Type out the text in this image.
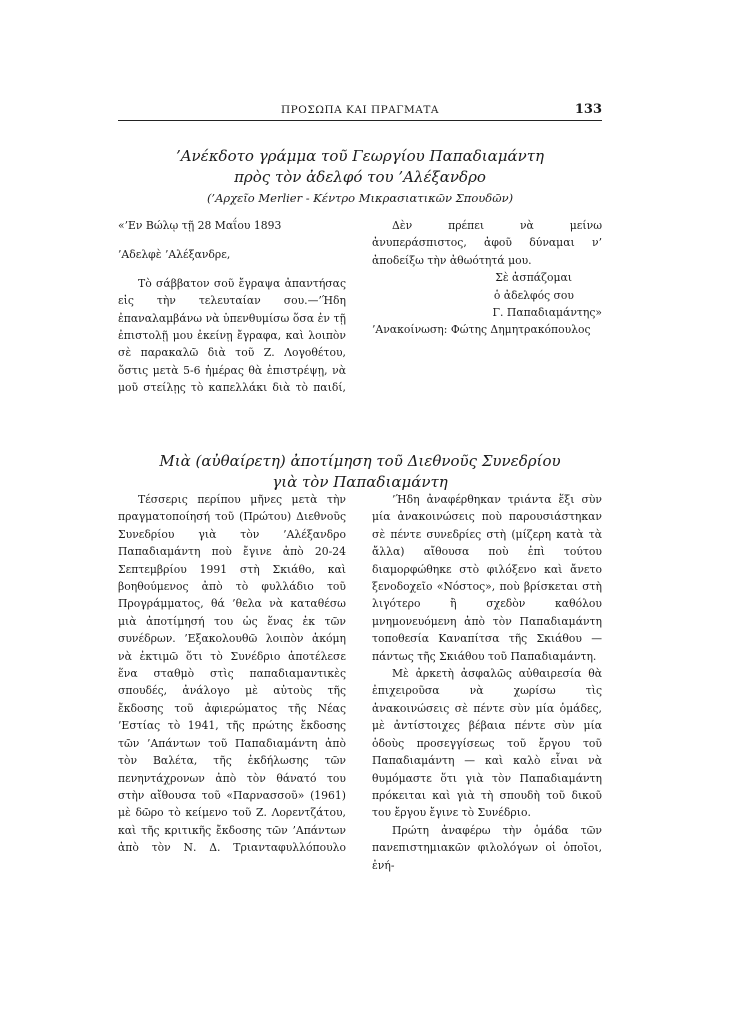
ΠΡΟΣΩΠΑ ΚΑΙ ΠΡΑΓΜΑΤΑ	133
’Ανέκδοτο γράμμα τοῦ Γεωργίου Παπαδιαμάντη
πρὸς τὸν ἀδελφό του ’Αλέξανδρο
(’Αρχεῖο Merlier - Κέντρο Μικρασιατικῶν Σπουδῶν)

«’Εν Βώλῳ τῇ 28 Μαΐου 1893

’Αδελφὲ ’Αλέξανδρε,

Τὸ σάββατον σοῦ ἔγραψα ἀπαντήσας εἰς τὴν τελευταίαν σου.—’Ήδη ἐπαναλαμβάνω νὰ ὑπενθυμίσω ὅσα ἐν τῇ ἐπιστολῇ μου ἐκείνῃ ἔγραφα, καὶ λοιπὸν σὲ παρακαλῶ διὰ τοῦ Ζ. Λογοθέτου, ὅστις μετὰ 5-6 ἡμέρας θὰ ἐπιστρέψῃ, νὰ μοῦ στείλῃς τὸ καπελλάκι διὰ τὸ παιδί,

Δὲν πρέπει νὰ μείνω ἀνυπεράσπιστος, ἀφοῦ δύναμαι ν’ ἀποδείξω τὴν ἀθωότητά μου.

Σὲ ἀσπάζομαι
ὁ ἀδελφός σου
Γ. Παπαδιαμάντης»

’Ανακοίνωση: Φώτης Δημητρακόπουλος

Μιὰ (αὐθαίρετη) ἀποτίμηση τοῦ Διεθνοῦς Συνεδρίου
γιὰ τὸν Παπαδιαμάντη

Τέσσερις περίπου μῆνες μετὰ τὴν πραγματοποίησή τοῦ (Πρώτου) Διεθνοῦς Συνεδρίου γιὰ τὸν ’Αλέξανδρο Παπαδιαμάντη ποὺ ἔγινε ἀπὸ 20-24 Σεπτεμβρίου 1991 στὴ Σκιάθο, καὶ βοηθούμενος ἀπὸ τὸ φυλλάδιο τοῦ Προγράμματος, θά ’θελα νὰ καταθέσω μιὰ ἀποτίμησή του ὡς ἕνας ἐκ τῶν συνέδρων. ’Εξακολουθῶ λοιπὸν ἀκόμη νὰ ἐκτιμῶ ὅτι τὸ Συνέδριο ἀποτέλεσε ἕνα σταθμὸ στὶς παπαδιαμαντικὲς σπουδές, ἀνάλογο μὲ αὐτοὺς τῆς ἔκδοσης τοῦ ἀφιερώματος τῆς Νέας ’Εστίας τὸ 1941, τῆς πρώτης ἔκδοσης τῶν ’Απάντων τοῦ Παπαδιαμάντη ἀπὸ τὸν Βαλέτα, τῆς ἐκδήλωσης τῶν πενηντάχρονων ἀπὸ τὸν θάνατό του στὴν αἴθουσα τοῦ «Παρνασσοῦ» (1961) μὲ δῶρο τὸ κείμενο τοῦ Ζ. Λορεντζάτου, καὶ τῆς κριτικῆς ἔκδοσης τῶν ’Απάντων ἀπὸ τὸν Ν. Δ. Τριανταφυλλόπουλο

’Ήδη ἀναφέρθηκαν τριάντα ἕξι σὺν μία ἀνακοινώσεις ποὺ παρουσιάστηκαν σὲ πέντε συνεδρίες στὴ (μίζερη κατὰ τὰ ἄλλα) αἴθουσα ποὺ ἐπὶ τούτου διαμορφώθηκε στὸ φιλόξενο καὶ ἄνετο ξενοδοχεῖο «Νόστος», ποὺ βρίσκεται στὴ λιγότερο ἢ σχεδὸν καθόλου μνημονευόμενη ἀπὸ τὸν Παπαδιαμάντη τοποθεσία Καναπίτσα τῆς Σκιάθου — πάντως τῆς Σκιάθου τοῦ Παπαδιαμάντη.

Μὲ ἀρκετὴ ἀσφαλῶς αὐθαιρεσία θὰ ἐπιχειροῦσα νὰ χωρίσω τὶς ἀνακοινώσεις σὲ πέντε σὺν μία ὁμάδες, μὲ ἀντίστοιχες βέβαια πέντε σὺν μία ὁδοὺς προσεγγίσεως τοῦ ἔργου τοῦ Παπαδιαμάντη — καὶ καλὸ εἶναι νὰ θυμόμαστε ὅτι γιὰ τὸν Παπαδιαμάντη πρόκειται καὶ γιὰ τὴ σπουδὴ τοῦ δικοῦ του ἔργου ἔγινε τὸ Συνέδριο.

Πρώτη ἀναφέρω τὴν ὁμάδα τῶν πανεπιστημιακῶν φιλολόγων οἱ ὁποῖοι, ἐνή-
